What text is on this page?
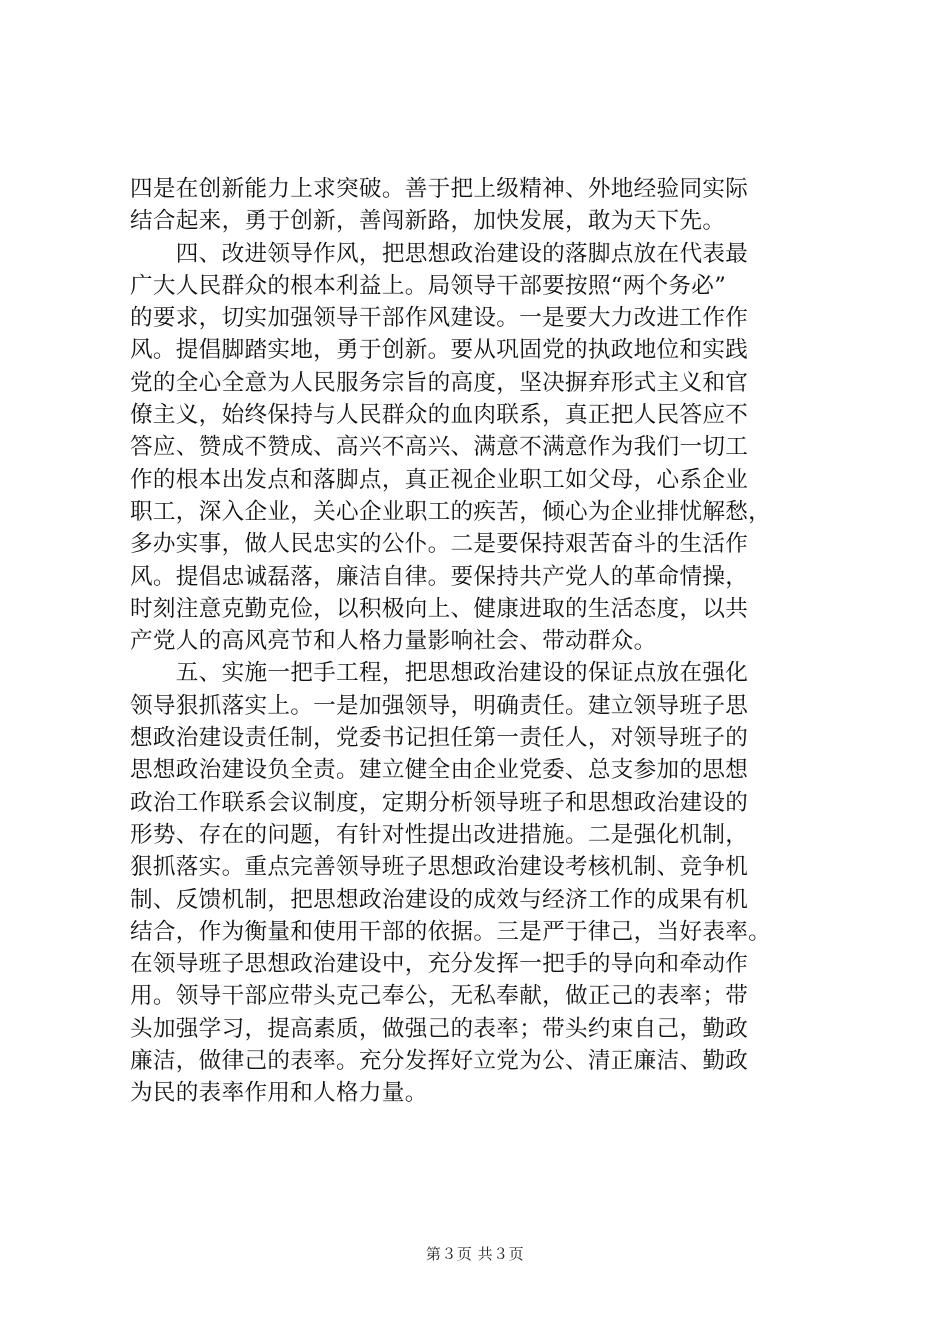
四是在创新能力上求突破。善于把上级精神、外地经验同实际
结合起来，勇于创新，善闯新路，加快发展，敢为天下先。
　　四、改进领导作风，把思想政治建设的落脚点放在代表最
广大人民群众的根本利益上。局领导干部要按照“两个务必”
的要求，切实加强领导干部作风建设。一是要大力改进工作作
风。提倡脚踏实地，勇于创新。要从巩固党的执政地位和实践
党的全心全意为人民服务宗旨的高度，坚决摒弃形式主义和官
僚主义，始终保持与人民群众的血肉联系，真正把人民答应不
答应、赞成不赞成、高兴不高兴、满意不满意作为我们一切工
作的根本出发点和落脚点，真正视企业职工如父母，心系企业
职工，深入企业，关心企业职工的疾苦，倾心为企业排忧解愁，
多办实事，做人民忠实的公仆。二是要保持艰苦奋斗的生活作
风。提倡忠诚磊落，廉洁自律。要保持共产党人的革命情操，
时刻注意克勤克俭，以积极向上、健康进取的生活态度，以共
产党人的高风亮节和人格力量影响社会、带动群众。
　　五、实施一把手工程，把思想政治建设的保证点放在强化
领导狠抓落实上。一是加强领导，明确责任。建立领导班子思
想政治建设责任制，党委书记担任第一责任人，对领导班子的
思想政治建设负全责。建立健全由企业党委、总支参加的思想
政治工作联系会议制度，定期分析领导班子和思想政治建设的
形势、存在的问题，有针对性提出改进措施。二是强化机制，
狠抓落实。重点完善领导班子思想政治建设考核机制、竞争机
制、反馈机制，把思想政治建设的成效与经济工作的成果有机
结合，作为衡量和使用干部的依据。三是严于律己，当好表率。
在领导班子思想政治建设中，充分发挥一把手的导向和牵动作
用。领导干部应带头克己奉公，无私奉献，做正己的表率；带
头加强学习，提高素质，做强己的表率；带头约束自己，勤政
廉洁，做律己的表率。充分发挥好立党为公、清正廉洁、勤政
为民的表率作用和人格力量。
第３页 共３页
